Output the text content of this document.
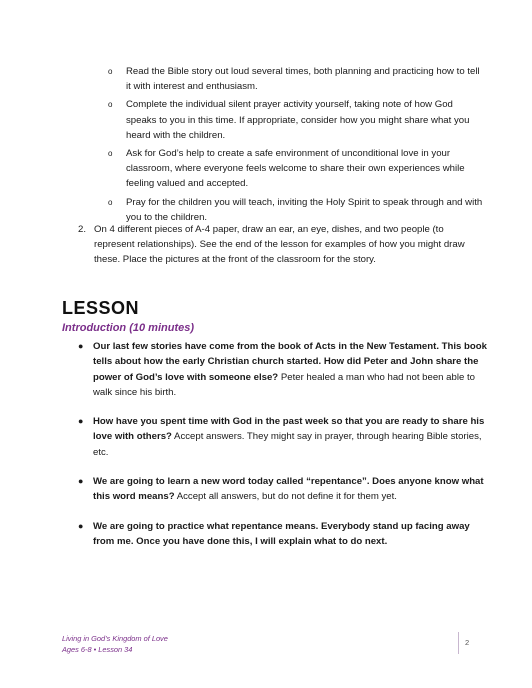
o Read the Bible story out loud several times, both planning and practicing how to tell it with interest and enthusiasm.
o Complete the individual silent prayer activity yourself, taking note of how God speaks to you in this time. If appropriate, consider how you might share what you heard with the children.
o Ask for God’s help to create a safe environment of unconditional love in your classroom, where everyone feels welcome to share their own experiences while feeling valued and accepted.
o Pray for the children you will teach, inviting the Holy Spirit to speak through and with you to the children.
2. On 4 different pieces of A-4 paper, draw an ear, an eye, dishes, and two people (to represent relationships). See the end of the lesson for examples of how you might draw these. Place the pictures at the front of the classroom for the story.
LESSON
Introduction (10 minutes)
● Our last few stories have come from the book of Acts in the New Testament. This book tells about how the early Christian church started. How did Peter and John share the power of God’s love with someone else? Peter healed a man who had not been able to walk since his birth.
● How have you spent time with God in the past week so that you are ready to share his love with others? Accept answers. They might say in prayer, through hearing Bible stories, etc.
● We are going to learn a new word today called “repentance”. Does anyone know what this word means? Accept all answers, but do not define it for them yet.
● We are going to practice what repentance means. Everybody stand up facing away from me. Once you have done this, I will explain what to do next.
Living in God’s Kingdom of Love
Ages 6-8 • Lesson 34
2
